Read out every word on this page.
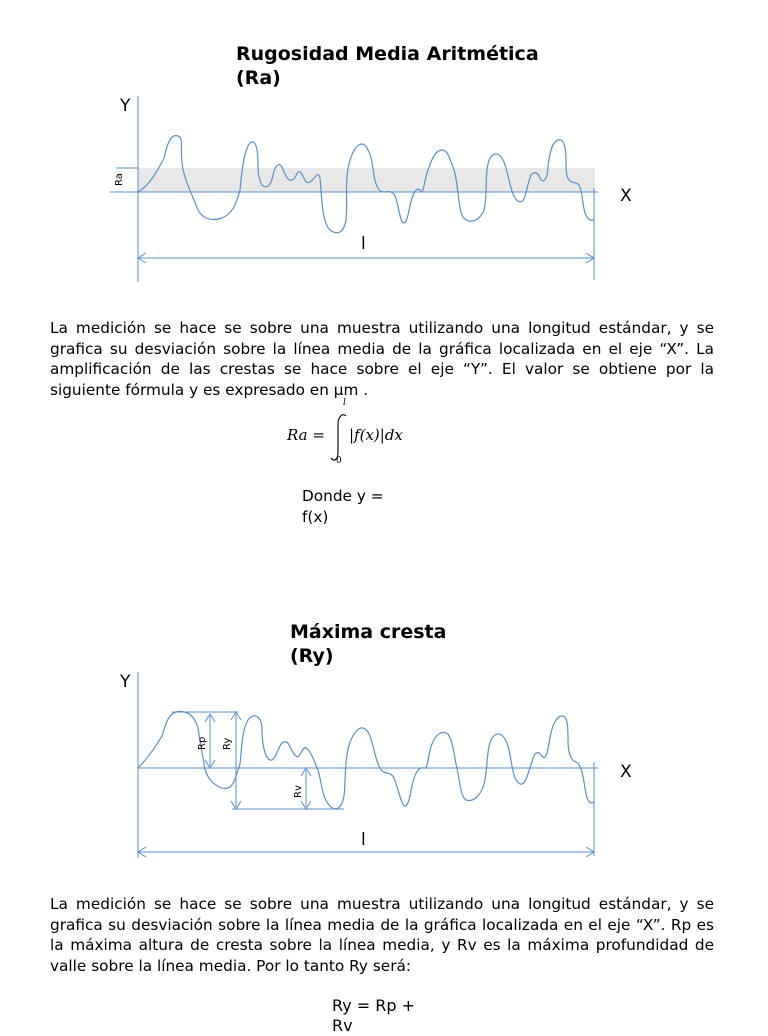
Rugosidad Media Aritmética
(Ra)
Y
X
Ra
l
La medición se hace se sobre una muestra utilizando una longitud estándar, y se grafica su desviación sobre la línea media de la gráfica localizada en el eje “X”. La amplificación de las crestas se hace sobre el eje “Y”. El valor se obtiene por la siguiente fórmula y es expresado en μm .
Ra =
l
0
|f(x)|dx
Donde y = f(x)
Máxima cresta
(Ry)
Y
X
Rp Ry
Rv
l
La medición se hace se sobre una muestra utilizando una longitud estándar, y se grafica su desviación sobre la línea media de la gráfica localizada en el eje “X”. Rp es la máxima altura de cresta sobre la línea media, y Rv es la máxima profundidad de valle sobre la línea media. Por lo tanto Ry será:
Ry = Rp + Rv
